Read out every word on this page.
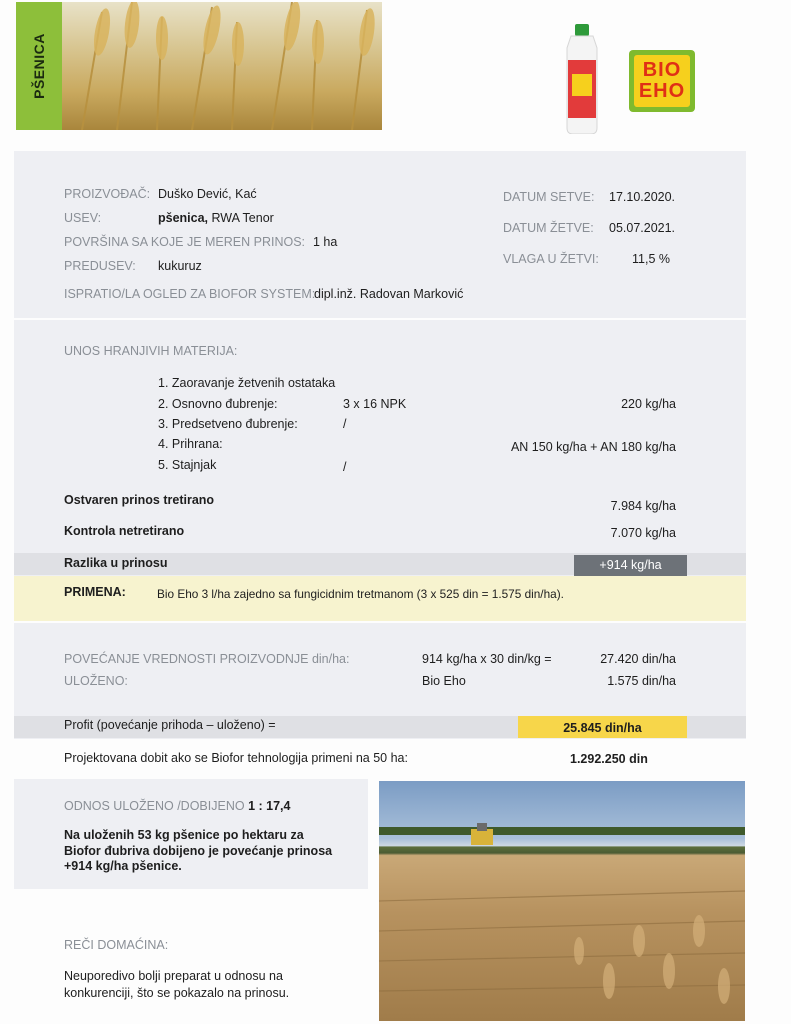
PŠENICA	BIO
EHO
PROIZVOĐAČ: Duško Dević, Kać
USEV:	pšenica, RWA Tenor
POVRŠINA SA KOJE JE MEREN PRINOS: 1 ha
PREDUSEV: kukuruz
ISPRATIO/LA OGLED ZA BIOFOR SYSTEM:
dipl.inž. Radovan Marković
DATUM SETVE: 17.10.2020.
DATUM ŽETVE: 05.07.2021.
VLAGA U ŽETVI:	11,5 %
UNOS HRANJIVIH MATERIJA:
1. Zaoravanje žetvenih ostataka
2. Osnovno đubrenje:	3 x 16 NPK	220 kg/ha
3. Predsetveno đubrenje:	/
4. Prihrana:	AN 150 kg/ha + AN 180 kg/ha
5. Stajnjak	/
Ostvaren prinos tretirano	7.984 kg/ha
Kontrola netretirano	7.070 kg/ha
Razlika u prinosu	+914 kg/ha
PRIMENA:	Bio Eho 3 l/ha zajedno sa fungicidnim tretmanom (3 x 525 din = 1.575 din/ha).
POVEĆANJE VREDNOSTI PROIZVODNJE din/ha:	914 kg/ha x 30 din/kg =	27.420 din/ha
ULOŽENO:	Bio Eho	1.575 din/ha
Profit (povećanje prihoda – uloženo) =	25.845 din/ha
Projektovana dobit ako se Biofor tehnologija primeni na 50 ha:	1.292.250 din
ODNOS ULOŽENO /DOBIJENO 1 : 17,4
Na uloženih 53 kg pšenice po hektaru za
Biofor đubriva dobijeno je povećanje prinosa
+914 kg/ha pšenice.
REČI DOMAĆINA:
Neuporedivo bolji preparat u odnosu na
konkurenciji, što se pokazalo na prinosu.
